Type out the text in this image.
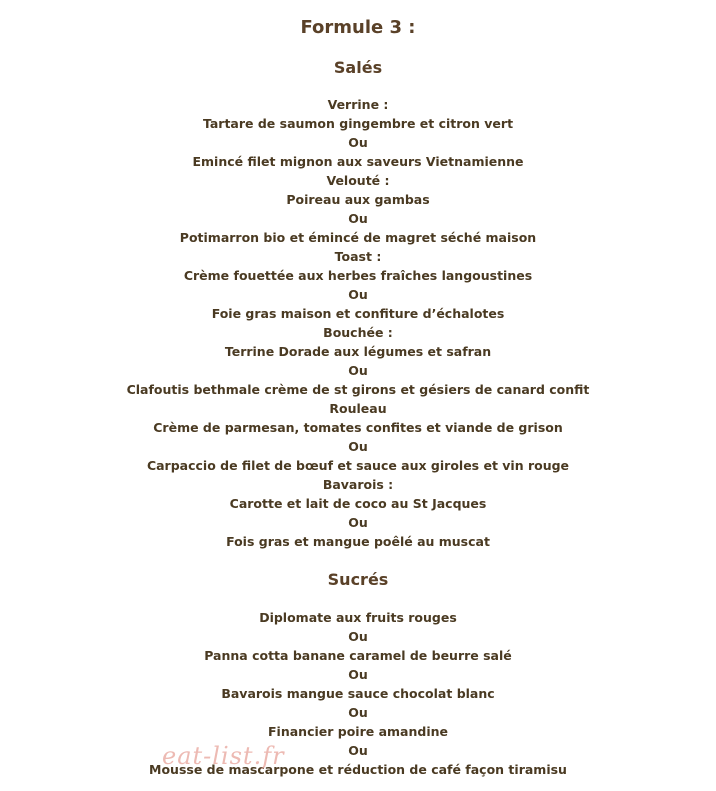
Formule 3 :
Salés
Verrine :
Tartare de saumon gingembre et citron vert
Ou
Emincé filet mignon aux saveurs Vietnamienne
Velouté :
Poireau aux gambas
Ou
Potimarron bio et émincé de magret séché maison
Toast :
Crème fouettée aux herbes fraîches langoustines
Ou
Foie gras maison et confiture d’échalotes
Bouchée :
Terrine Dorade aux légumes et safran
Ou
Clafoutis bethmale crème de st girons et gésiers de canard confit
Rouleau
Crème de parmesan, tomates confites et viande de grison
Ou
Carpaccio de filet de bœuf et sauce aux giroles et vin rouge
Bavarois :
Carotte et lait de coco au St Jacques
Ou
Fois gras et mangue poêlé au muscat
Sucrés
Diplomate aux fruits rouges
Ou
Panna cotta banane caramel de beurre salé
Ou
Bavarois mangue sauce chocolat blanc
Ou
Financier poire amandine
Ou
Mousse de mascarpone et réduction de café façon tiramisu
eat-list.fr
